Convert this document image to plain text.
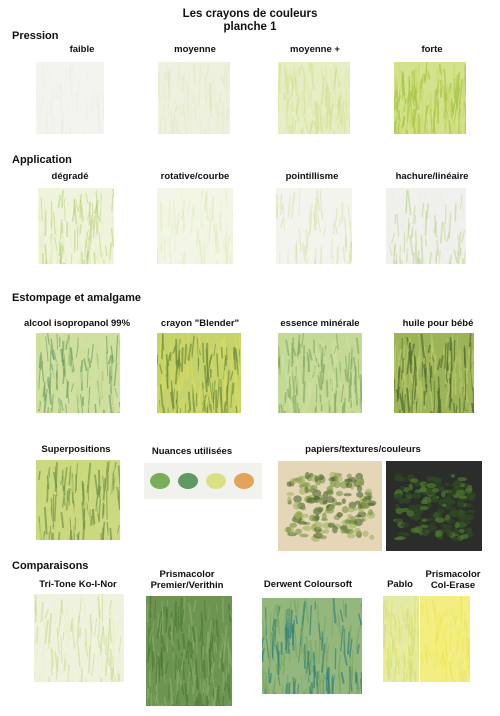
Les crayons de couleurs
planche 1
Pression
faible	moyenne	moyenne +	forte
Application
dégradé	rotative/courbe	pointillisme	hachure/linéaire
Estompage et amalgame
alcool isopropanol 99%	crayon "Blender"	essence minérale	huile pour bébé
Superpositions	Nuances utilisées	papiers/textures/couleurs
Comparaisons
Tri-Tone Ko-I-Nor
Prismacolor
Premier/Verithin	Derwent Coloursoft	Pablo
Prismacolor
Col-Erase
